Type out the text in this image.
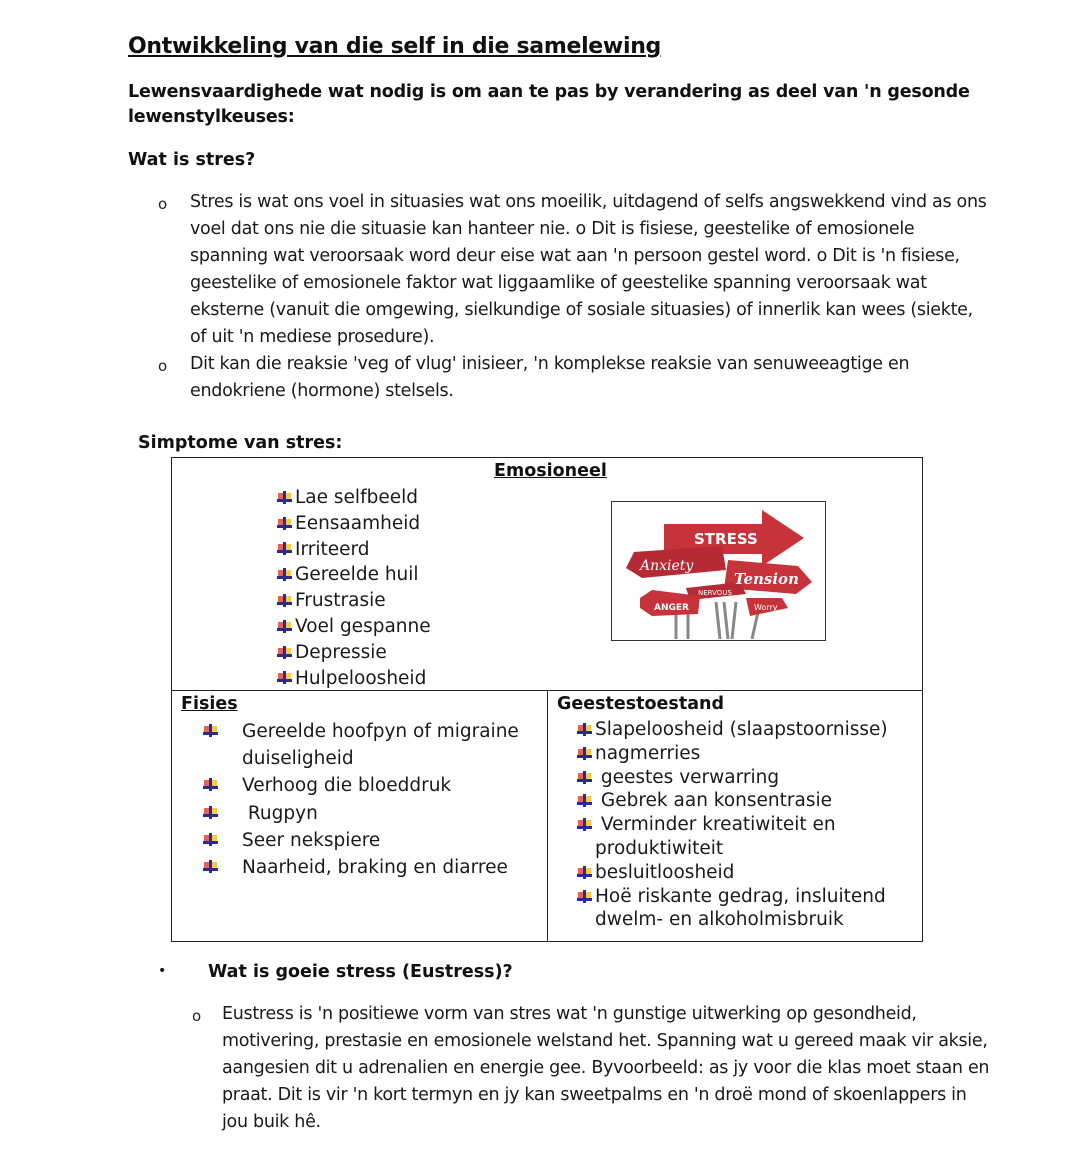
Ontwikkeling van die self in die samelewing
Lewensvaardighede wat nodig is om aan te pas by verandering as deel van 'n gesonde lewenstylkeuses:
Wat is stres?
o Stres is wat ons voel in situasies wat ons moeilik, uitdagend of selfs angswekkend vind as ons voel dat ons nie die situasie kan hanteer nie. o Dit is fisiese, geestelike of emosionele spanning wat veroorsaak word deur eise wat aan 'n persoon gestel word. o Dit is 'n fisiese, geestelike of emosionele faktor wat liggaamlike of geestelike spanning veroorsaak wat eksterne (vanuit die omgewing, sielkundige of sosiale situasies) of innerlik kan wees (siekte, of uit 'n mediese prosedure).
o Dit kan die reaksie 'veg of vlug' inisieer, 'n komplekse reaksie van senuweeagtige en endokriene (hormone) stelsels.
Simptome van stres:
Emosioneel
Lae selfbeeld
Eensaamheid
Irriteerd
Gereelde huil
Frustrasie
Voel gespanne
Depressie
Hulpeloosheid
STRESS
Anxiety
Tension
NERVOUS
ANGER	Worry
Fisies
Gereelde hoofpyn of migraine duiseligheid
Verhoog die bloeddruk
Rugpyn
Seer nekspiere
Naarheid, braking en diarree
Geestestoestand
Slapeloosheid (slaapstoornisse)
nagmerries
geestes verwarring
Gebrek aan konsentrasie
Verminder kreatiwiteit en produktiwiteit
besluitloosheid
Hoë riskante gedrag, insluitend dwelm- en alkoholmisbruik
• Wat is goeie stress (Eustress)?
o Eustress is 'n positiewe vorm van stres wat 'n gunstige uitwerking op gesondheid, motivering, prestasie en emosionele welstand het. Spanning wat u gereed maak vir aksie, aangesien dit u adrenalien en energie gee. Byvoorbeeld: as jy voor die klas moet staan en praat. Dit is vir 'n kort termyn en jy kan sweetpalms en 'n droë mond of skoenlappers in jou buik hê.
